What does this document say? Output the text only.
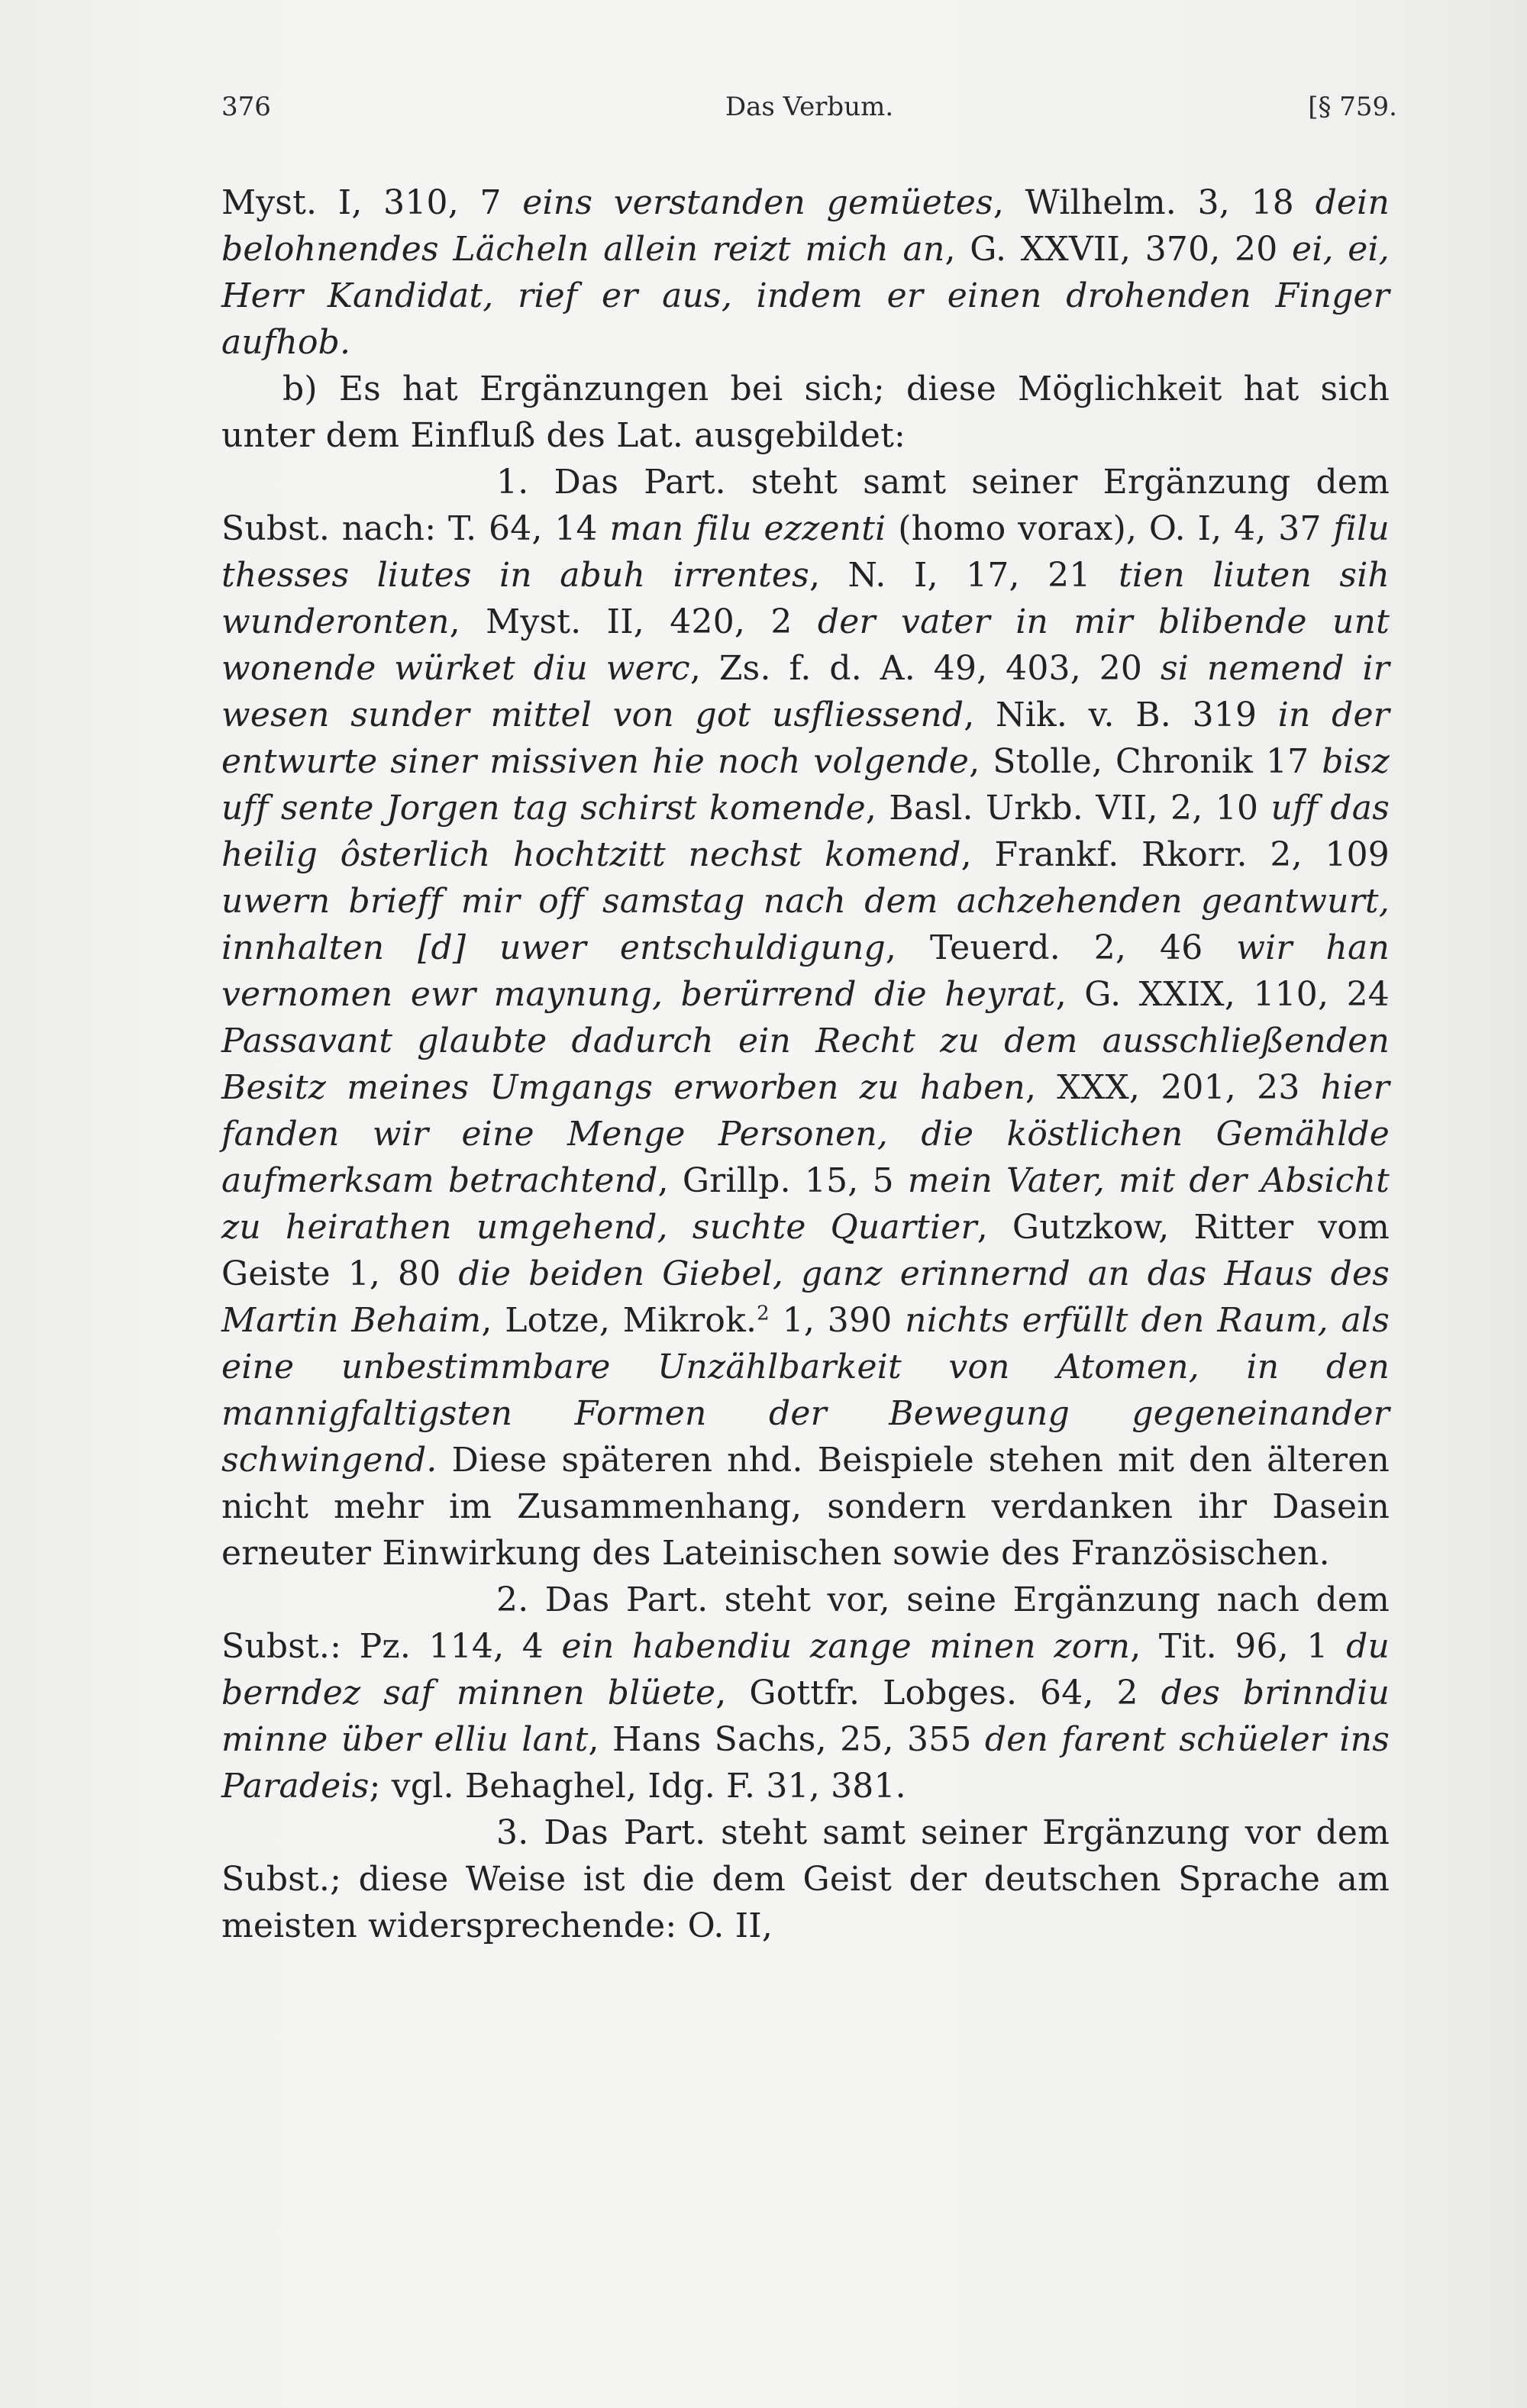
376	Das Verbum.	[§ 759.

Myst. I, 310, 7 eins verstanden gemüetes, Wilhelm. 3, 18 dein belohnendes Lächeln allein reizt mich an, G. XXVII, 370, 20 ei, ei, Herr Kandidat, rief er aus, indem er einen drohenden Finger aufhob.

b) Es hat Ergänzungen bei sich; diese Möglichkeit hat sich unter dem Einfluß des Lat. ausgebildet:

1. Das Part. steht samt seiner Ergänzung dem Subst. nach: T. 64, 14 man filu ezzenti (homo vorax), O. I, 4, 37 filu thesses liutes in abuh irrentes, N. I, 17, 21 tien liuten sih wunderonten, Myst. II, 420, 2 der vater in mir blibende unt wonende würket diu werc, Zs. f. d. A. 49, 403, 20 si nemend ir wesen sunder mittel von got usfliessend, Nik. v. B. 319 in der entwurte siner missiven hie noch volgende, Stolle, Chronik 17 bisz uff sente Jorgen tag schirst komende, Basl. Urkb. VII, 2, 10 uff das heilig ôsterlich hochtzitt nechst komend, Frankf. Rkorr. 2, 109 uwern brieff mir off samstag nach dem achzehenden geantwurt, innhalten [d] uwer entschuldigung, Teuerd. 2, 46 wir han vernomen ewr maynung, berürrend die heyrat, G. XXIX, 110, 24 Passavant glaubte dadurch ein Recht zu dem ausschließenden Besitz meines Umgangs erworben zu haben, XXX, 201, 23 hier fanden wir eine Menge Personen, die köstlichen Gemählde aufmerksam betrachtend, Grillp. 15, 5 mein Vater, mit der Absicht zu heirathen umgehend, suchte Quartier, Gutzkow, Ritter vom Geiste 1, 80 die beiden Giebel, ganz erinnernd an das Haus des Martin Behaim, Lotze, Mikrok.$^2$ 1, 390 nichts erfüllt den Raum, als eine unbestimmbare Unzählbarkeit von Atomen, in den mannigfaltigsten Formen der Bewegung gegeneinander schwingend. Diese späteren nhd. Beispiele stehen mit den älteren nicht mehr im Zusammenhang, sondern verdanken ihr Dasein erneuter Einwirkung des Lateinischen sowie des Französischen.

2. Das Part. steht vor, seine Ergänzung nach dem Subst.: Pz. 114, 4 ein habendiu zange minen zorn, Tit. 96, 1 du berndez saf minnen blüete, Gottfr. Lobges. 64, 2 des brinndiu minne über elliu lant, Hans Sachs, 25, 355 den farent schüeler ins Paradeis; vgl. Behaghel, Idg. F. 31, 381.

3. Das Part. steht samt seiner Ergänzung vor dem Subst.; diese Weise ist die dem Geist der deutschen Sprache am meisten widersprechende: O. II,
